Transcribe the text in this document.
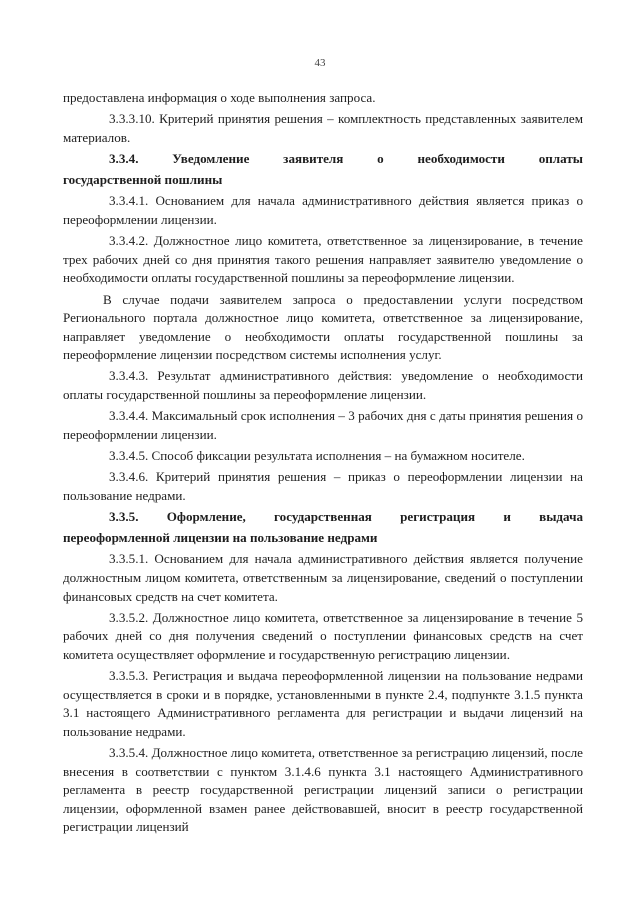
43

предоставлена информация о ходе выполнения запроса.

3.3.3.10. Критерий принятия решения – комплектность представленных заявителем материалов.

3.3.4. Уведомление заявителя о необходимости оплаты

государственной пошлины

3.3.4.1. Основанием для начала административного действия является приказ о переоформлении лицензии.

3.3.4.2. Должностное лицо комитета, ответственное за лицензирование, в течение трех рабочих дней со дня принятия такого решения направляет заявителю уведомление о необходимости оплаты государственной пошлины за переоформление лицензии.

В случае подачи заявителем запроса о предоставлении услуги посредством Регионального портала должностное лицо комитета, ответственное за лицензирование, направляет уведомление о необходимости оплаты государственной пошлины за переоформление лицензии посредством системы исполнения услуг.

3.3.4.3. Результат административного действия: уведомление о необходимости оплаты государственной пошлины за переоформление лицензии.

3.3.4.4. Максимальный срок исполнения – 3 рабочих дня с даты принятия решения о переоформлении лицензии.

3.3.4.5. Способ фиксации результата исполнения – на бумажном носителе.

3.3.4.6. Критерий принятия решения – приказ о переоформлении лицензии на пользование недрами.

3.3.5. Оформление, государственная регистрация и выдача

переоформленной лицензии на пользование недрами

3.3.5.1. Основанием для начала административного действия является получение должностным лицом комитета, ответственным за лицензирование, сведений о поступлении финансовых средств на счет комитета.

3.3.5.2. Должностное лицо комитета, ответственное за лицензирование в течение 5 рабочих дней со дня получения сведений о поступлении финансовых средств на счет комитета осуществляет оформление и государственную регистрацию лицензии.

3.3.5.3. Регистрация и выдача переоформленной лицензии на пользование недрами осуществляется в сроки и в порядке, установленными в пункте 2.4, подпункте 3.1.5 пункта 3.1 настоящего Административного регламента для регистрации и выдачи лицензий на пользование недрами.

3.3.5.4. Должностное лицо комитета, ответственное за регистрацию лицензий, после внесения в соответствии с пунктом 3.1.4.6 пункта 3.1 настоящего Административного регламента в реестр государственной регистрации лицензий записи о регистрации лицензии, оформленной взамен ранее действовавшей, вносит в реестр государственной регистрации лицензий
